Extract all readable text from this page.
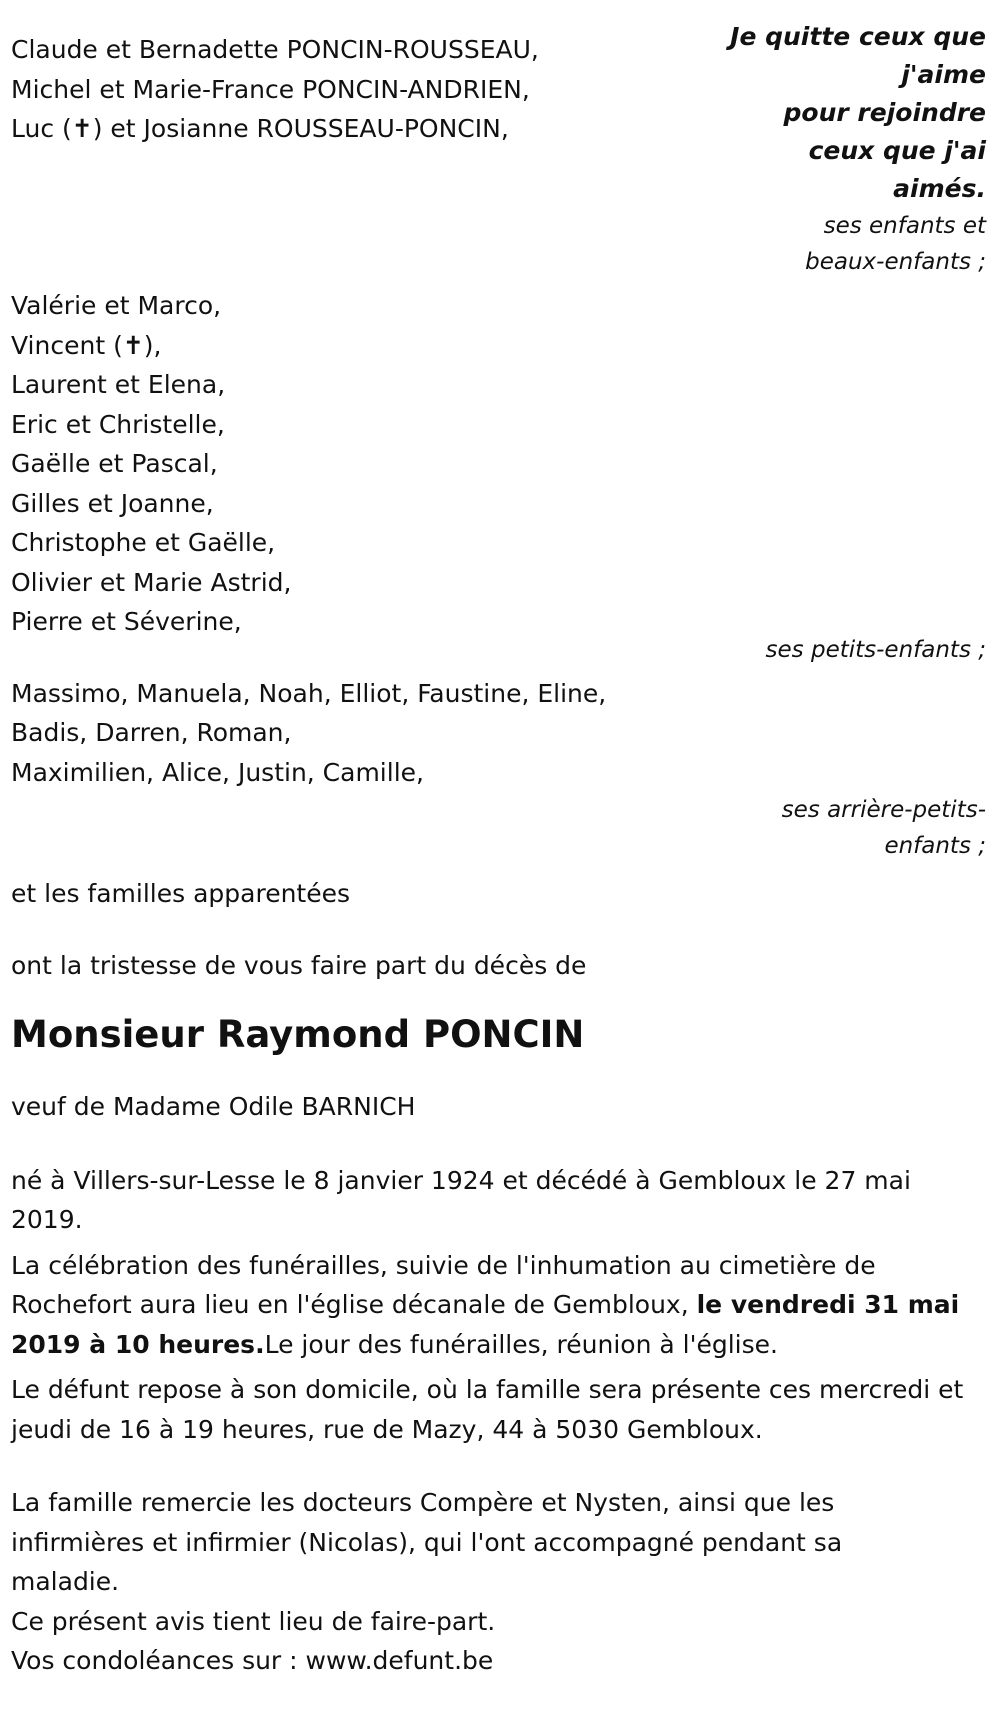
Claude et Bernadette PONCIN-ROUSSEAU,
Michel et Marie-France PONCIN-ANDRIEN,
Luc (✝) et Josianne ROUSSEAU-PONCIN,
Je quitte ceux que
j'aime
pour rejoindre
ceux que j'ai
aimés.
ses enfants et
beaux-enfants ;
Valérie et Marco,
Vincent (✝),
Laurent et Elena,
Eric et Christelle,
Gaëlle et Pascal,
Gilles et Joanne,
Christophe et Gaëlle,
Olivier et Marie Astrid,
Pierre et Séverine,
ses petits-enfants ;
Massimo, Manuela, Noah, Elliot, Faustine, Eline,
Badis, Darren, Roman,
Maximilien, Alice, Justin, Camille,
ses arrière-petits-
enfants ;

et les familles apparentées

ont la tristesse de vous faire part du décès de

Monsieur Raymond PONCIN

veuf de Madame Odile BARNICH

né à Villers-sur-Lesse le 8 janvier 1924 et décédé à Gembloux le 27 mai 2019.

La célébration des funérailles, suivie de l'inhumation au cimetière de Rochefort aura lieu en l'église décanale de Gembloux, le vendredi 31 mai 2019 à 10 heures.Le jour des funérailles, réunion à l'église.

Le défunt repose à son domicile, où la famille sera présente ces mercredi et jeudi de 16 à 19 heures, rue de Mazy, 44 à 5030 Gembloux.

La famille remercie les docteurs Compère et Nysten, ainsi que les infirmières et infirmier (Nicolas), qui l'ont accompagné pendant sa maladie.

Ce présent avis tient lieu de faire-part.

Vos condoléances sur : www.defunt.be
